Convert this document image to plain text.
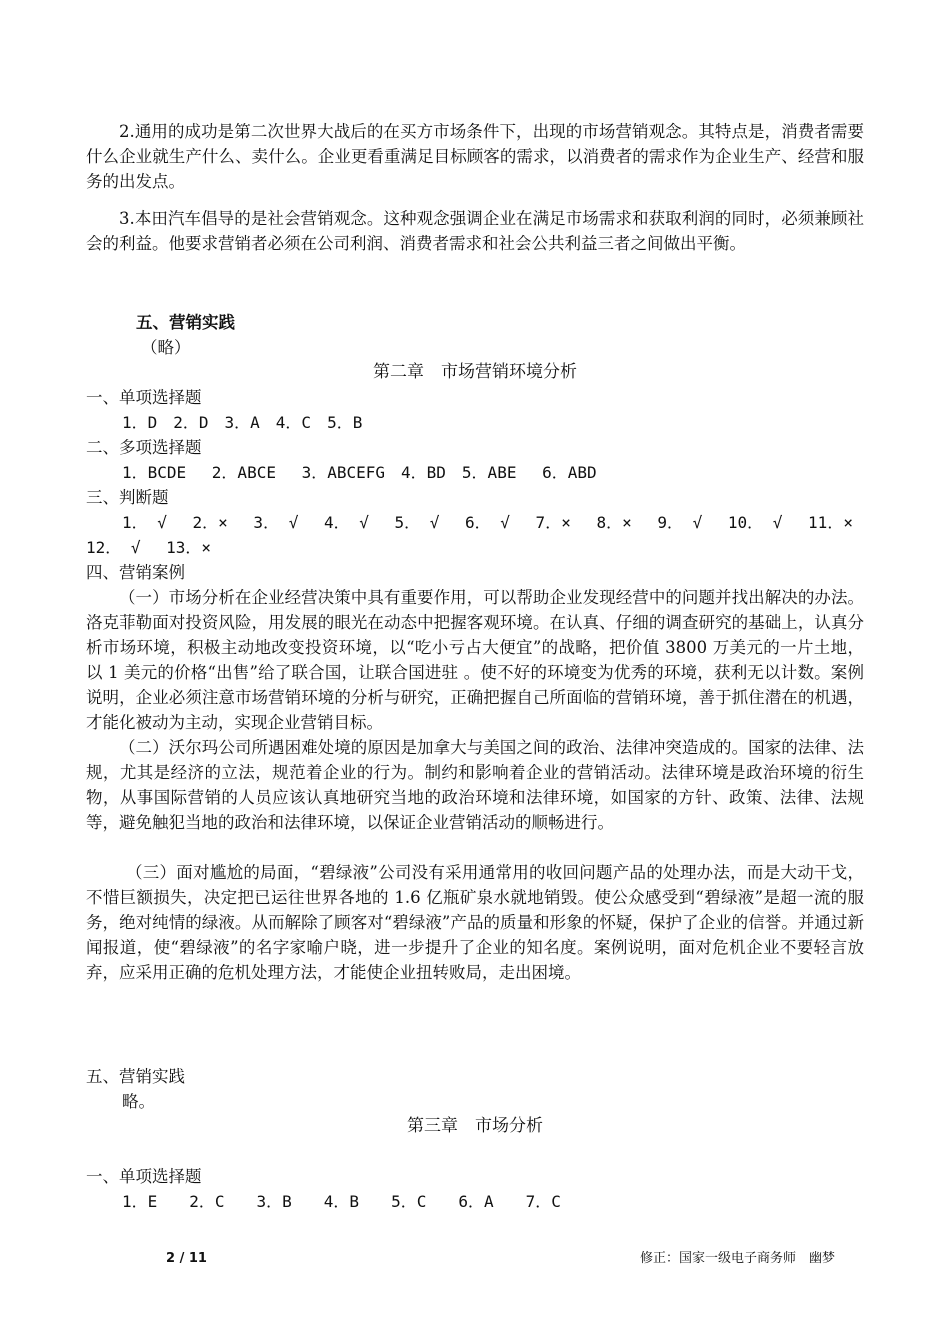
2.通用的成功是第二次世界大战后的在买方市场条件下，出现的市场营销观念。其特点是，消费者需要什么企业就生产什么、卖什么。企业更看重满足目标顾客的需求，以消费者的需求作为企业生产、经营和服务的出发点。

3.本田汽车倡导的是社会营销观念。这种观念强调企业在满足市场需求和获取利润的同时，必须兼顾社会的利益。他要求营销者必须在公司利润、消费者需求和社会公共利益三者之间做出平衡。

五、营销实践

（略）

第二章　市场营销环境分析

一、单项选择题

1．D　2．D　3．A　4．C　5．B

二、多项选择题

1．BCDE　 2．ABCE　 3．ABCEFG　4．BD　5．ABE　 6．ABD

三、判断题

1． √　 2．×　 3． √　 4． √　 5． √　 6． √　 7．×　 8．×　 9． √　 10． √　 11．×

12． √　 13．×

四、营销案例

（一）市场分析在企业经营决策中具有重要作用，可以帮助企业发现经营中的问题并找出解决的办法。洛克菲勒面对投资风险，用发展的眼光在动态中把握客观环境。在认真、仔细的调查研究的基础上，认真分析市场环境，积极主动地改变投资环境，以“吃小亏占大便宜”的战略，把价值 3800 万美元的一片土地，以 1 美元的价格“出售”给了联合国，让联合国进驻 。使不好的环境变为优秀的环境，获利无以计数。案例说明，企业必须注意市场营销环境的分析与研究，正确把握自己所面临的营销环境，善于抓住潜在的机遇，才能化被动为主动，实现企业营销目标。

（二）沃尔玛公司所遇困难处境的原因是加拿大与美国之间的政治、法律冲突造成的。国家的法律、法规，尤其是经济的立法，规范着企业的行为。制约和影响着企业的营销活动。法律环境是政治环境的衍生物，从事国际营销的人员应该认真地研究当地的政治环境和法律环境，如国家的方针、政策、法律、法规等，避免触犯当地的政治和法律环境，以保证企业营销活动的顺畅进行。

（三）面对尴尬的局面，“碧绿液”公司没有采用通常用的收回问题产品的处理办法，而是大动干戈，不惜巨额损失，决定把已运往世界各地的 1.6 亿瓶矿泉水就地销毁。使公众感受到“碧绿液”是超一流的服务，绝对纯情的绿液。从而解除了顾客对“碧绿液”产品的质量和形象的怀疑，保护了企业的信誉。并通过新闻报道，使“碧绿液”的名字家喻户晓，进一步提升了企业的知名度。案例说明，面对危机企业不要轻言放弃，应采用正确的危机处理方法，才能使企业扭转败局，走出困境。

五、营销实践

略。

第三章　市场分析

一、单项选择题

1．E　　2．C　　3．B　　4．B　　5．C　　6．A　　7．C

2 / 11	修正：国家一级电子商务师　幽梦
